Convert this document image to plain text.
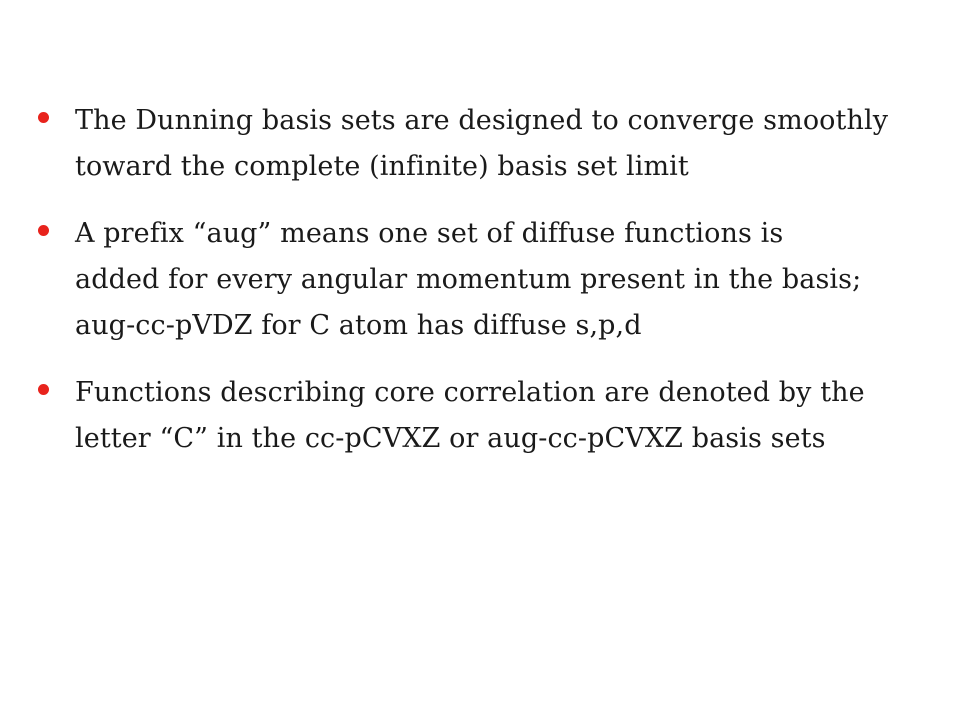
The Dunning basis sets are designed to converge smoothly
toward the complete (infinite) basis set limit
A prefix “aug” means one set of diffuse functions is
added for every angular momentum present in the basis;
aug-cc-pVDZ for C atom has diffuse s,p,d
Functions describing core correlation are denoted by the
letter “C” in the cc-pCVXZ or aug-cc-pCVXZ basis sets
